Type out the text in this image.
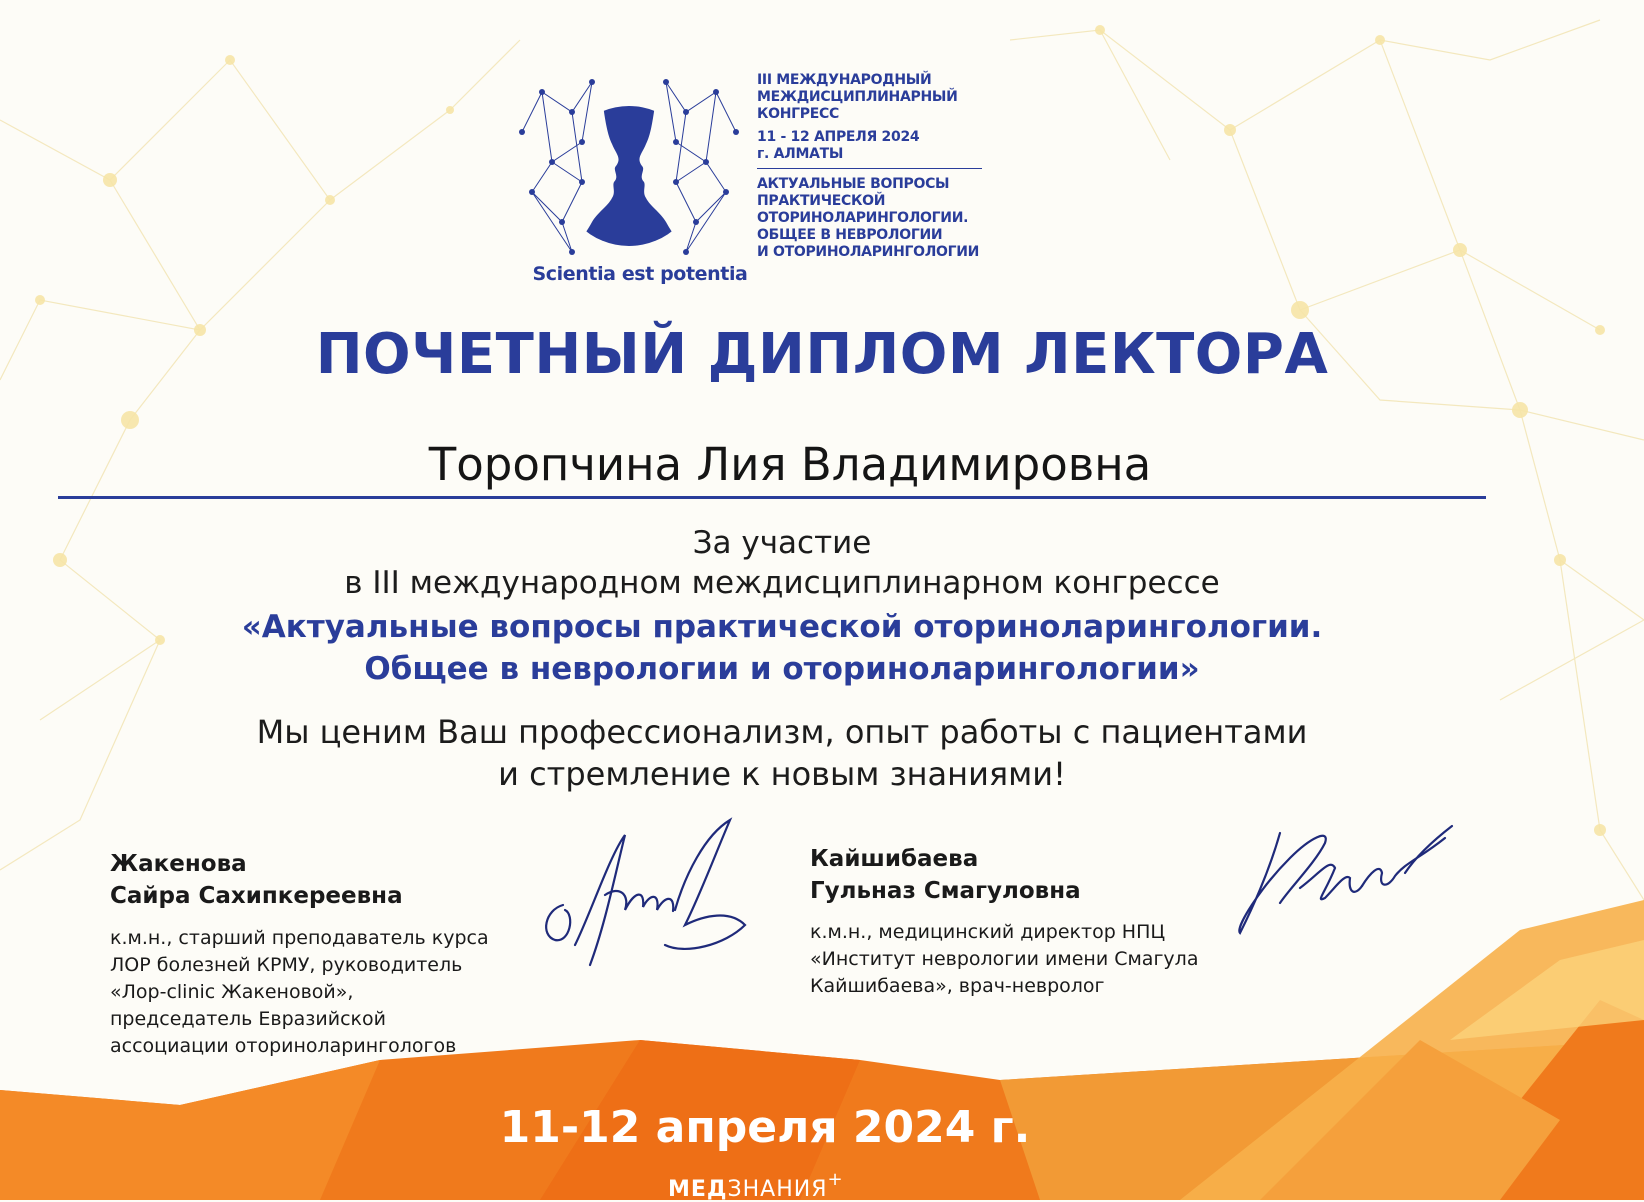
Scientia est potentia
III МЕЖДУНАРОДНЫЙ
МЕЖДИСЦИПЛИНАРНЫЙ
КОНГРЕСС
11 - 12 АПРЕЛЯ 2024
г. АЛМАТЫ
АКТУАЛЬНЫЕ ВОПРОСЫ
ПРАКТИЧЕСКОЙ
ОТОРИНОЛАРИНГОЛОГИИ.
ОБЩЕЕ В НЕВРОЛОГИИ
И ОТОРИНОЛАРИНГОЛОГИИ
ПОЧЕТНЫЙ ДИПЛОМ ЛЕКТОРА
Торопчина Лия Владимировна
За участие
в III международном междисциплинарном конгрессе
«Актуальные вопросы практической оториноларингологии.
Общее в неврологии и оториноларингологии»
Мы ценим Ваш профессионализм, опыт работы с пациентами
и стремление к новым знаниями!
Жакенова
Сайра Сахипкереевна
к.м.н., старший преподаватель курса
ЛОР болезней КРМУ, руководитель
«Лор-clinic Жакеновой»,
председатель Евразийской
ассоциации оториноларингологов
Кайшибаева
Гульназ Смагуловна
к.м.н., медицинский директор НПЦ
«Институт неврологии имени Смагула
Кайшибаева», врач-невролог
11-12 апреля 2024 г.
МЕДЗНАНИЯ+
